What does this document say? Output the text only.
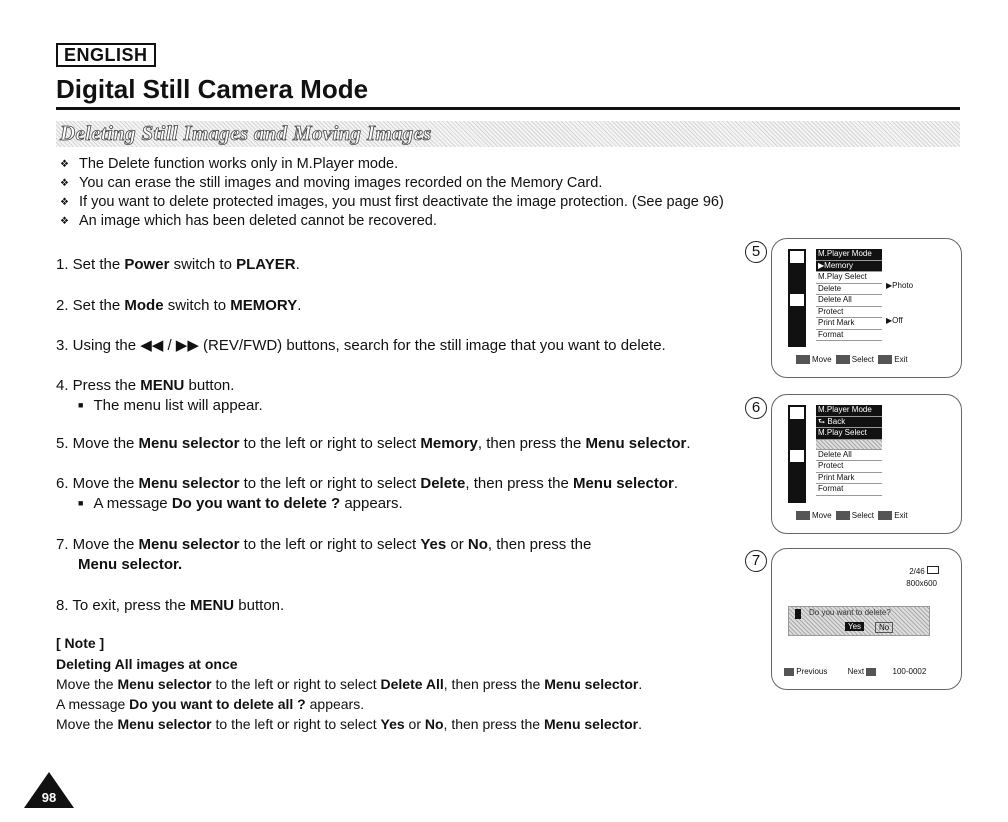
ENGLISH
Digital Still Camera Mode
Deleting Still Images and Moving Images
❖ The Delete function works only in M.Player mode.
❖ You can erase the still images and moving images recorded on the Memory Card.
❖ If you want to delete protected images, you must first deactivate the image protection. (See page 96)
❖ An image which has been deleted cannot be recovered.
1. Set the Power switch to PLAYER.
2. Set the Mode switch to MEMORY.
3. Using the ◀◀ / ▶▶ (REV/FWD) buttons, search for the still image that you want to delete.
4. Press the MENU button.
■ The menu list will appear.
5. Move the Menu selector to the left or right to select Memory, then press the Menu selector.
6. Move the Menu selector to the left or right to select Delete, then press the Menu selector.
■ A message Do you want to delete ? appears.
7. Move the Menu selector to the left or right to select Yes or No, then press the
Menu selector.
8. To exit, press the MENU button.
[ Note ]
Deleting All images at once
Move the Menu selector to the left or right to select Delete All, then press the Menu selector.
A message Do you want to delete all ? appears.
Move the Menu selector to the left or right to select Yes or No, then press the Menu selector.
5	M.Player Mode
▶Memory
M.Play Select
Delete
Delete All
Protect
Print Mark
Format
▶Photo
▶Off
Move	Select	Exit
6	M.Player Mode
⮑ Back
M.Play Select
Delete All
Protect
Print Mark
Format
Move	Select	Exit
7
2/46
800x600
Do you want to delete?
Yes	No
Previous	Next	100-0002
98
